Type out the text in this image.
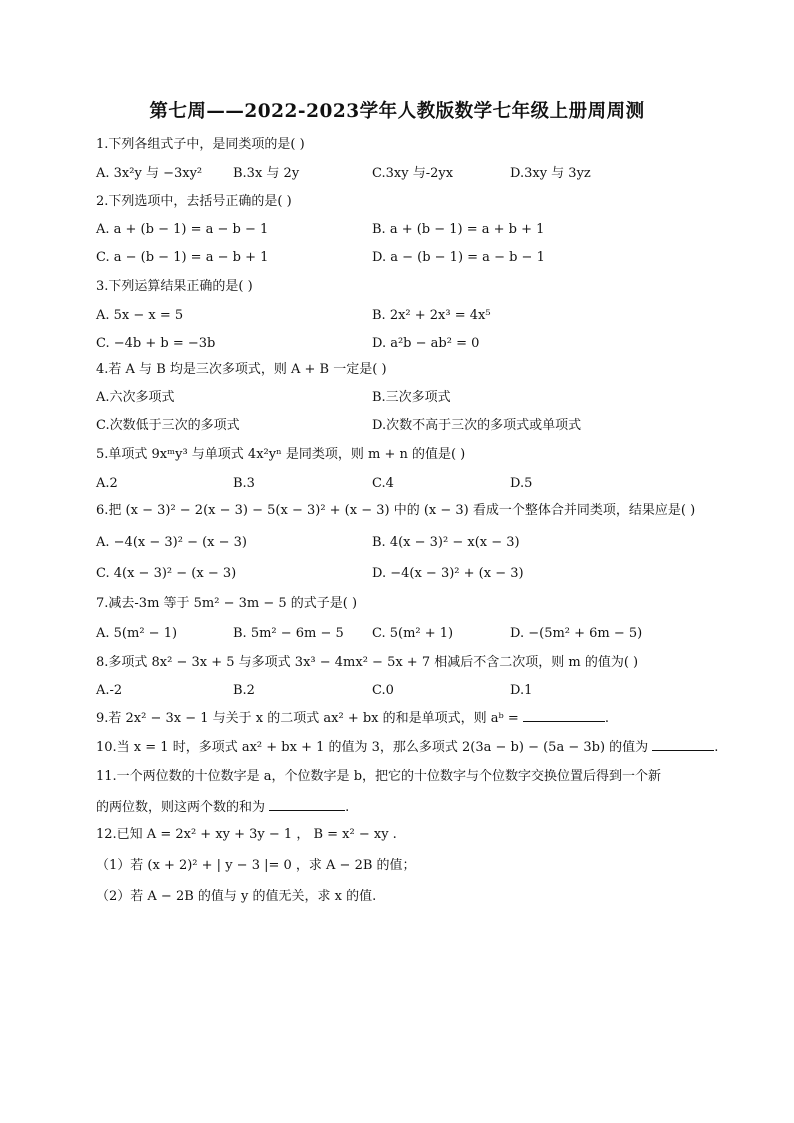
第七周——2022-2023学年人教版数学七年级上册周周测
1.下列各组式子中，是同类项的是( )
A. 3x²y 与 −3xy² B.3x 与 2y	C.3xy 与-2yx	D.3xy 与 3yz
2.下列选项中，去括号正确的是( )
A. a + (b − 1) = a − b − 1	B. a + (b − 1) = a + b + 1
C. a − (b − 1) = a − b + 1	D. a − (b − 1) = a − b − 1
3.下列运算结果正确的是( )
A. 5x − x = 5	B. 2x² + 2x³ = 4x⁵
C. −4b + b = −3b	D. a²b − ab² = 0
4.若 A 与 B 均是三次多项式，则 A + B 一定是( )
A.六次多项式	B.三次多项式
C.次数低于三次的多项式	D.次数不高于三次的多项式或单项式
5.单项式 9xᵐy³ 与单项式 4x²yⁿ 是同类项，则 m + n 的值是( )
A.2	B.3	C.4	D.5
6.把 (x − 3)² − 2(x − 3) − 5(x − 3)² + (x − 3) 中的 (x − 3) 看成一个整体合并同类项，结果应是( )
A. −4(x − 3)² − (x − 3)	B. 4(x − 3)² − x(x − 3)
C. 4(x − 3)² − (x − 3)	D. −4(x − 3)² + (x − 3)
7.减去-3m 等于 5m² − 3m − 5 的式子是( )
A. 5(m² − 1)	B. 5m² − 6m − 5 C. 5(m² + 1)	D. −(5m² + 6m − 5)
8.多项式 8x² − 3x + 5 与多项式 3x³ − 4mx² − 5x + 7 相减后不含二次项，则 m 的值为( )
A.-2	B.2	C.0	D.1
9.若 2x² − 3x − 1 与关于 x 的二项式 ax² + bx 的和是单项式，则 aᵇ =	.
10.当 x = 1 时，多项式 ax² + bx + 1 的值为 3，那么多项式 2(3a − b) − (5a − 3b) 的值为	.
11.一个两位数的十位数字是 a，个位数字是 b，把它的十位数字与个位数字交换位置后得到一个新
的两位数，则这两个数的和为	.
12.已知 A = 2x² + xy + 3y − 1 ， B = x² − xy .
（1）若 (x + 2)² + | y − 3 |= 0 ，求 A − 2B 的值；
（2）若 A − 2B 的值与 y 的值无关，求 x 的值.
